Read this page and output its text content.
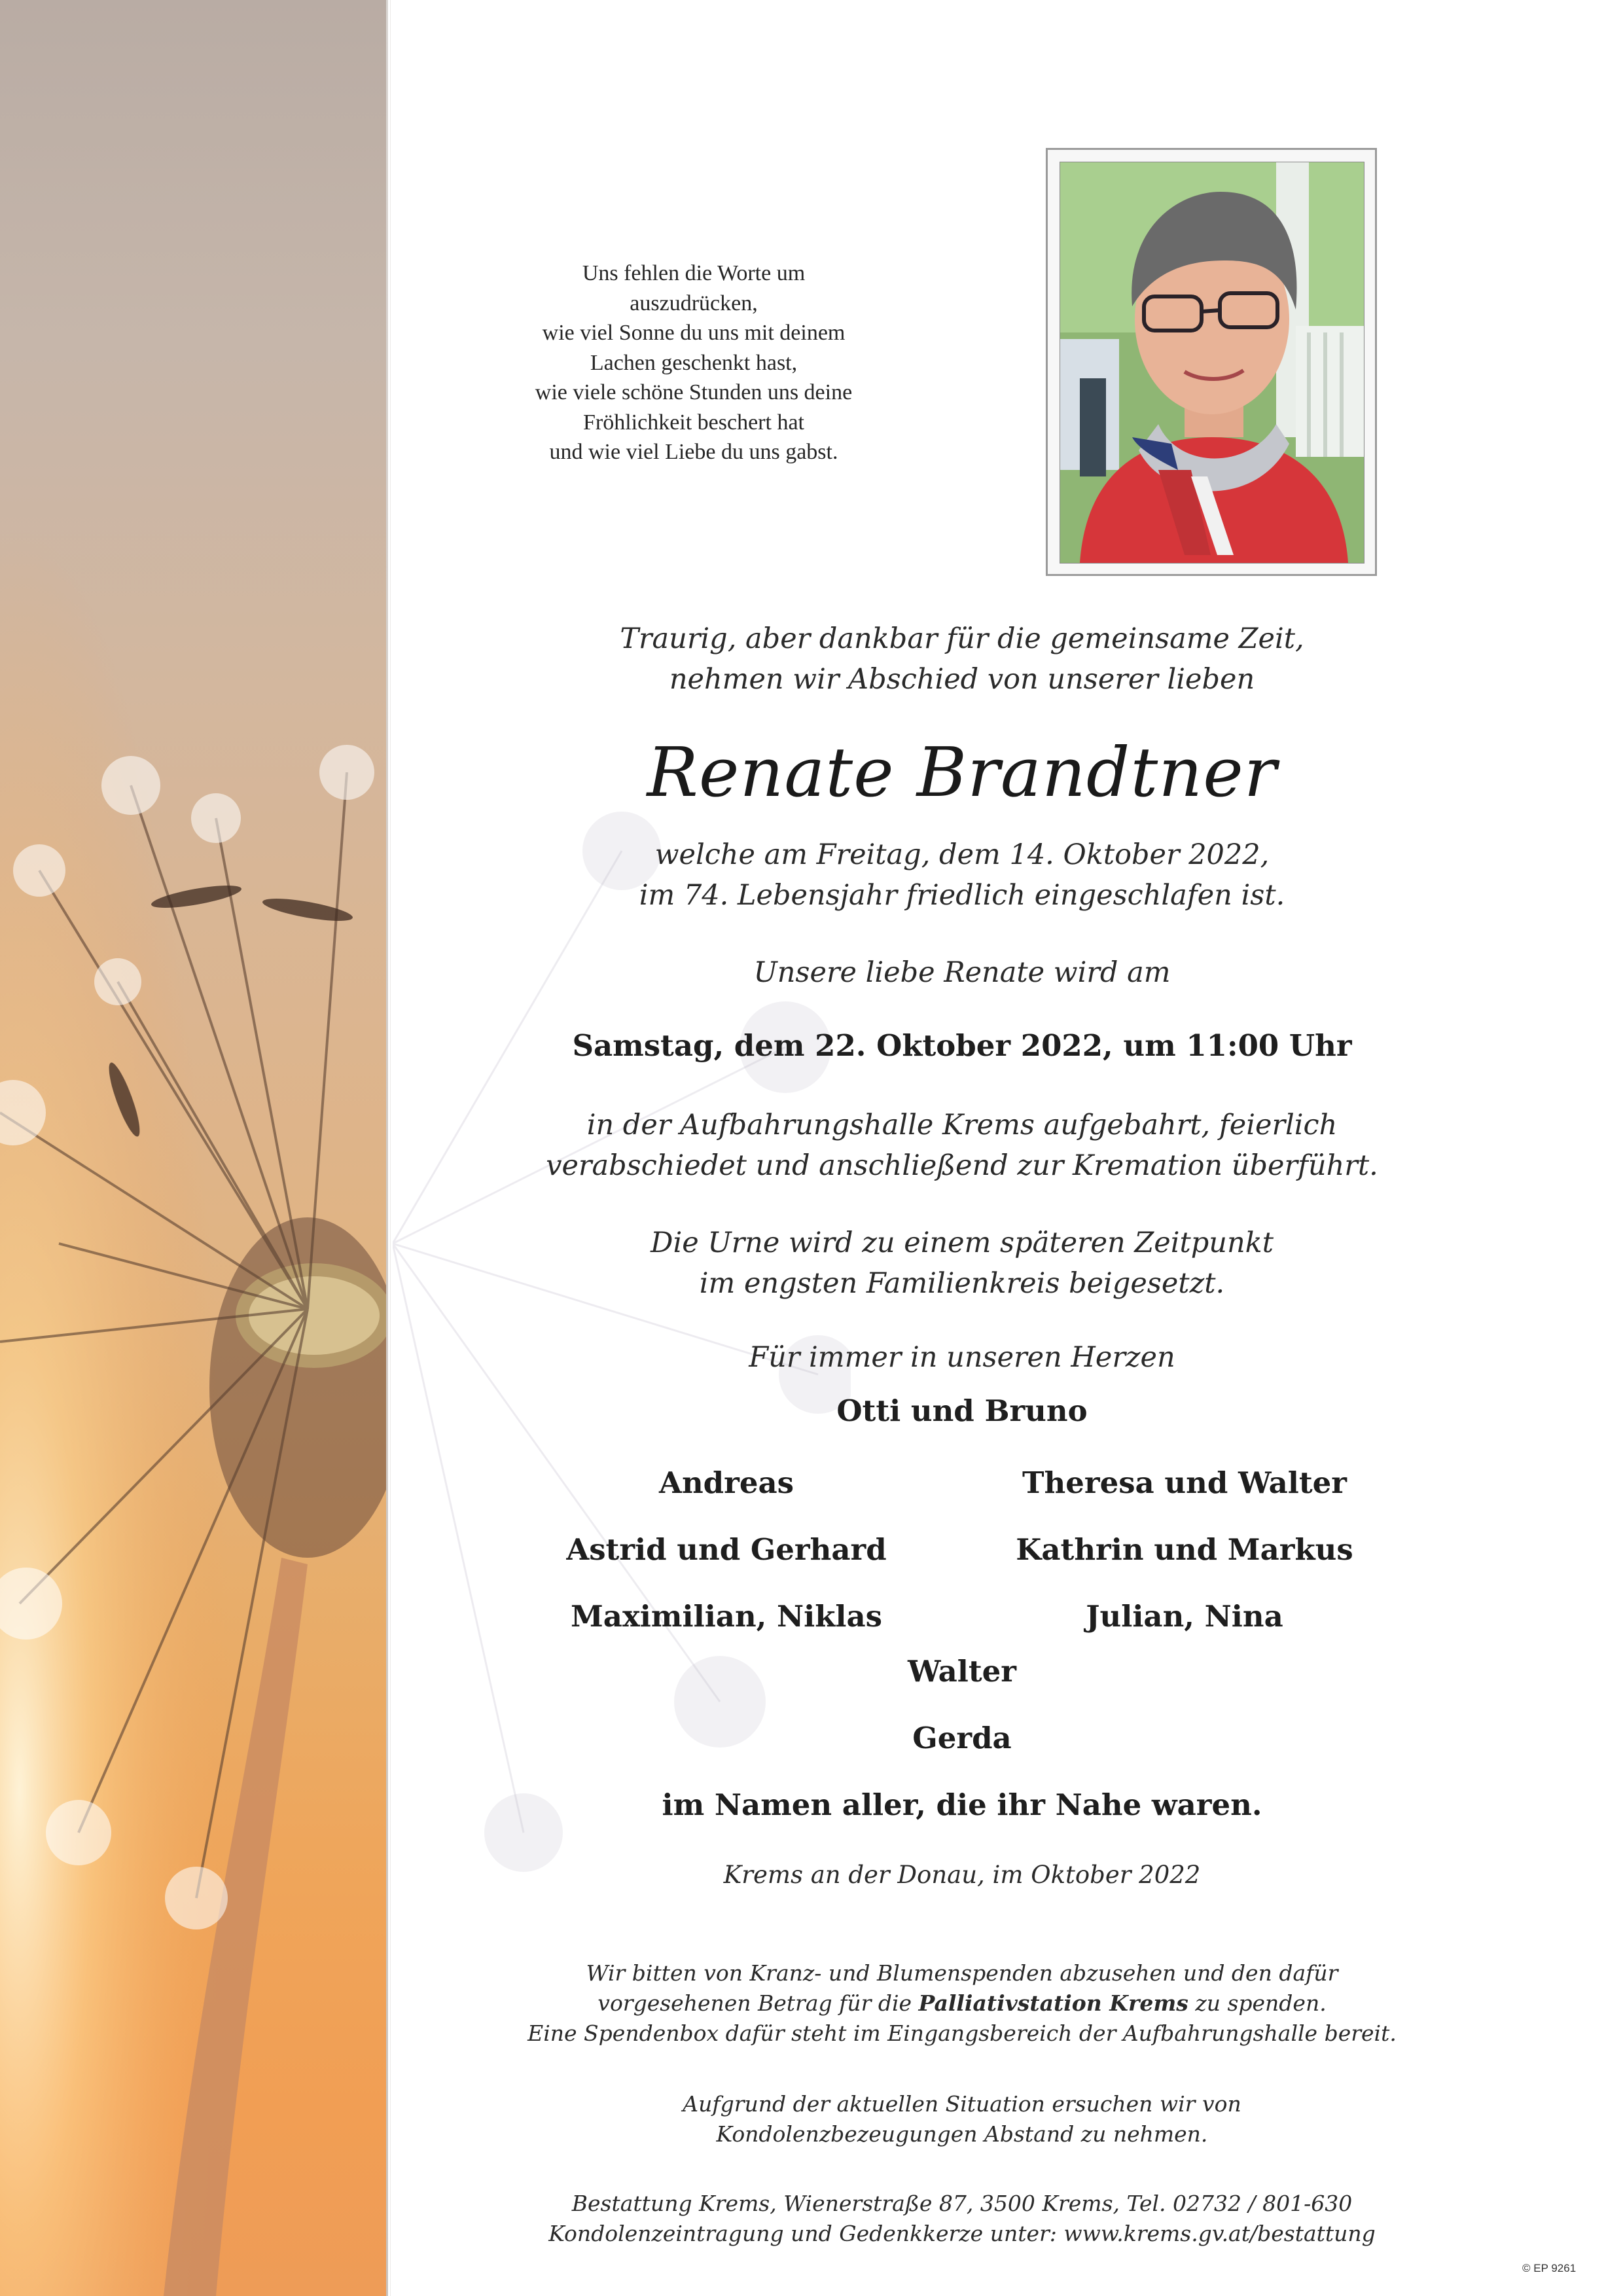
Uns fehlen die Worte um
auszudrücken,
wie viel Sonne du uns mit deinem
Lachen geschenkt hast,
wie viele schöne Stunden uns deine
Fröhlichkeit beschert hat
und wie viel Liebe du uns gabst.
Traurig, aber dankbar für die gemeinsame Zeit,
nehmen wir Abschied von unserer lieben
Renate Brandtner
welche am Freitag, dem 14. Oktober 2022,
im 74. Lebensjahr friedlich eingeschlafen ist.
Unsere liebe Renate wird am
Samstag, dem 22. Oktober 2022, um 11:00 Uhr
in der Aufbahrungshalle Krems aufgebahrt, feierlich
verabschiedet und anschließend zur Kremation überführt.
Die Urne wird zu einem späteren Zeitpunkt
im engsten Familienkreis beigesetzt.
Für immer in unseren Herzen
Otti und Bruno
Andreas	Theresa und Walter
Astrid und Gerhard	Kathrin und Markus
Maximilian, Niklas	Julian, Nina
Walter
Gerda
im Namen aller, die ihr Nahe waren.
Krems an der Donau, im Oktober 2022
Wir bitten von Kranz- und Blumenspenden abzusehen und den dafür
vorgesehenen Betrag für die Palliativstation Krems zu spenden.
Eine Spendenbox dafür steht im Eingangsbereich der Aufbahrungshalle bereit.
Aufgrund der aktuellen Situation ersuchen wir von
Kondolenzbezeugungen Abstand zu nehmen.
Bestattung Krems, Wienerstraße 87, 3500 Krems, Tel. 02732 / 801-630
Kondolenzeintragung und Gedenkkerze unter: www.krems.gv.at/bestattung
© EP 9261
